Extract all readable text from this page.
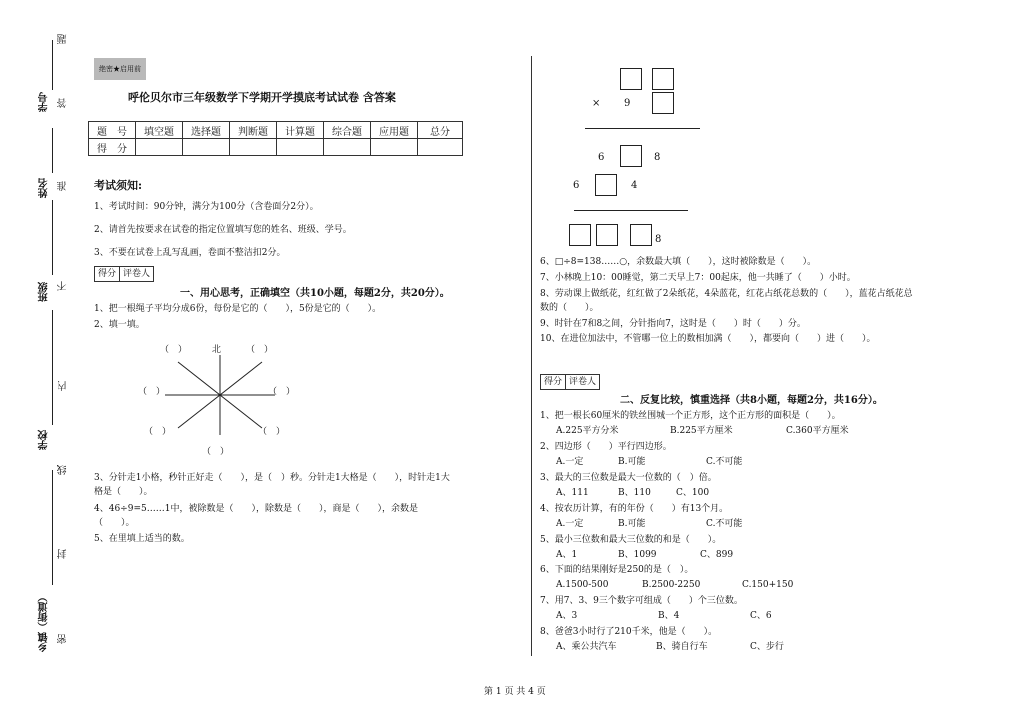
题
答
准
不
内
线
封
密
学号
姓名
班级
学校
乡镇（街道）
绝密★启用前
呼伦贝尔市三年级数学下学期开学摸底考试试卷 含答案
题　号	填空题	选择题	判断题	计算题	综合题	应用题	总分
得　分							
考试须知:
1、考试时间：90分钟，满分为100分（含卷面分2分）。
2、请首先按要求在试卷的指定位置填写您的姓名、班级、学号。
3、不要在试卷上乱写乱画，卷面不整洁扣2分。
得分 评卷人
一、用心思考，正确填空（共10小题，每题2分，共20分）。
1、把一根绳子平均分成6份，每份是它的（　　），5份是它的（　　）。
2、填一填。
北
（　）	（　）
（　）	（　）
（　）	（　）
（　）
3、分针走1小格，秒针正好走（　　），是（　）秒。分针走1大格是（　　），时针走1大
格是（　　）。
4、46÷9=5……1中，被除数是（　　），除数是（　　），商是（　　），余数是
（　　）。
5、在里填上适当的数。
× 9
6	8
6	4
8
6、□÷8=138……○，余数最大填（　　），这时被除数是（　　）。
7、小林晚上10：00睡觉，第二天早上7：00起床，他一共睡了（　　）小时。
8、劳动课上做纸花，红红做了2朵纸花，4朵蓝花，红花占纸花总数的（　　），蓝花占纸花总
数的（　　）。
9、时针在7和8之间，分针指向7，这时是（　　）时（　　）分。
10、在进位加法中，不管哪一位上的数相加满（　　），都要向（　　）进（　　）。
得分 评卷人
二、反复比较，慎重选择（共8小题，每题2分，共16分）。
1、把一根长60厘米的铁丝围城一个正方形，这个正方形的面积是（　　）。
A.225平方分米	B.225平方厘米	C.360平方厘米
2、四边形（　　）平行四边形。
A.一定	B.可能	C.不可能
3、最大的三位数是最大一位数的（　）倍。
A、111	B、110	C、100
4、按农历计算，有的年份（　　）有13个月。
A.一定	B.可能	C.不可能
5、最小三位数和最大三位数的和是（　　）。
A、1	B、1099	C、899
6、下面的结果刚好是250的是（　）。
A.1500-500	B.2500-2250	C.150+150
7、用7、3、9三个数字可组成（　　）个三位数。
A、3	B、4	C、6
8、爸爸3小时行了210千米，他是（　　）。
A、乘公共汽车	B、骑自行车	C、步行
第 1 页 共 4 页
